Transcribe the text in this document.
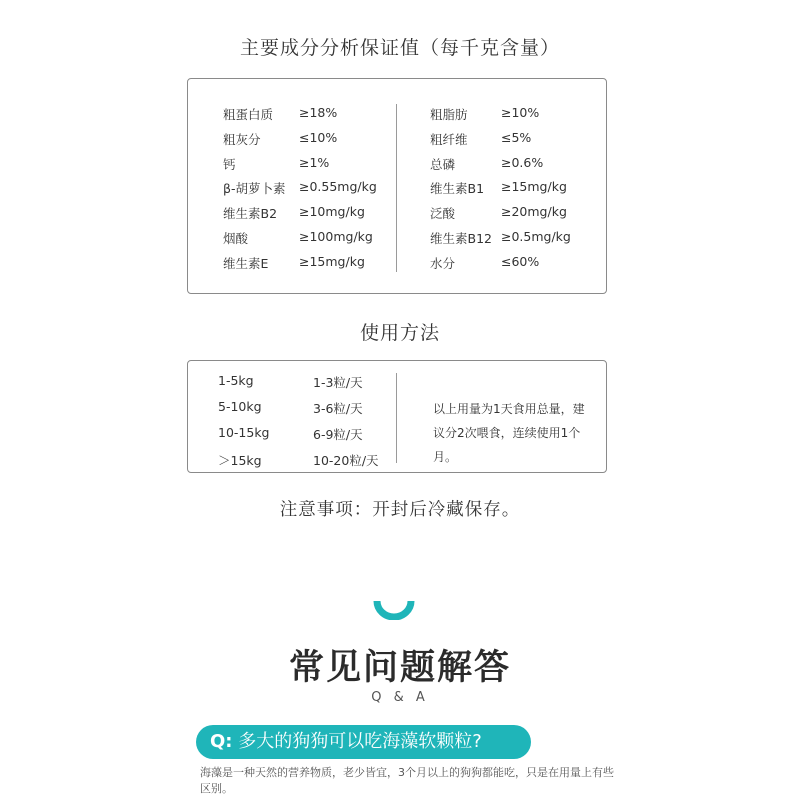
主要成分分析保证值（每千克含量）
粗蛋白质 ≥18%
粗灰分	≤10%
钙	≥1%
β-胡萝卜素 ≥0.55mg/kg
维生素B2 ≥10mg/kg
烟酸	≥100mg/kg
维生素E ≥15mg/kg
粗脂肪	≥10%
粗纤维	≤5%
总磷	≥0.6%
维生素B1 ≥15mg/kg
泛酸	≥20mg/kg
维生素B12 ≥0.5mg/kg
水分	≤60%
使用方法
1-5kg	1-3粒/天
5-10kg	3-6粒/天
10-15kg	6-9粒/天
＞15kg	10-20粒/天
以上用量为1天食用总量，建议分2次喂食，连续使用1个月。
注意事项：开封后冷藏保存。
常见问题解答
Q & A
Q: 多大的狗狗可以吃海藻软颗粒?
海藻是一种天然的营养物质，老少皆宜，3个月以上的狗狗都能吃，只是在用量上有些区别。
